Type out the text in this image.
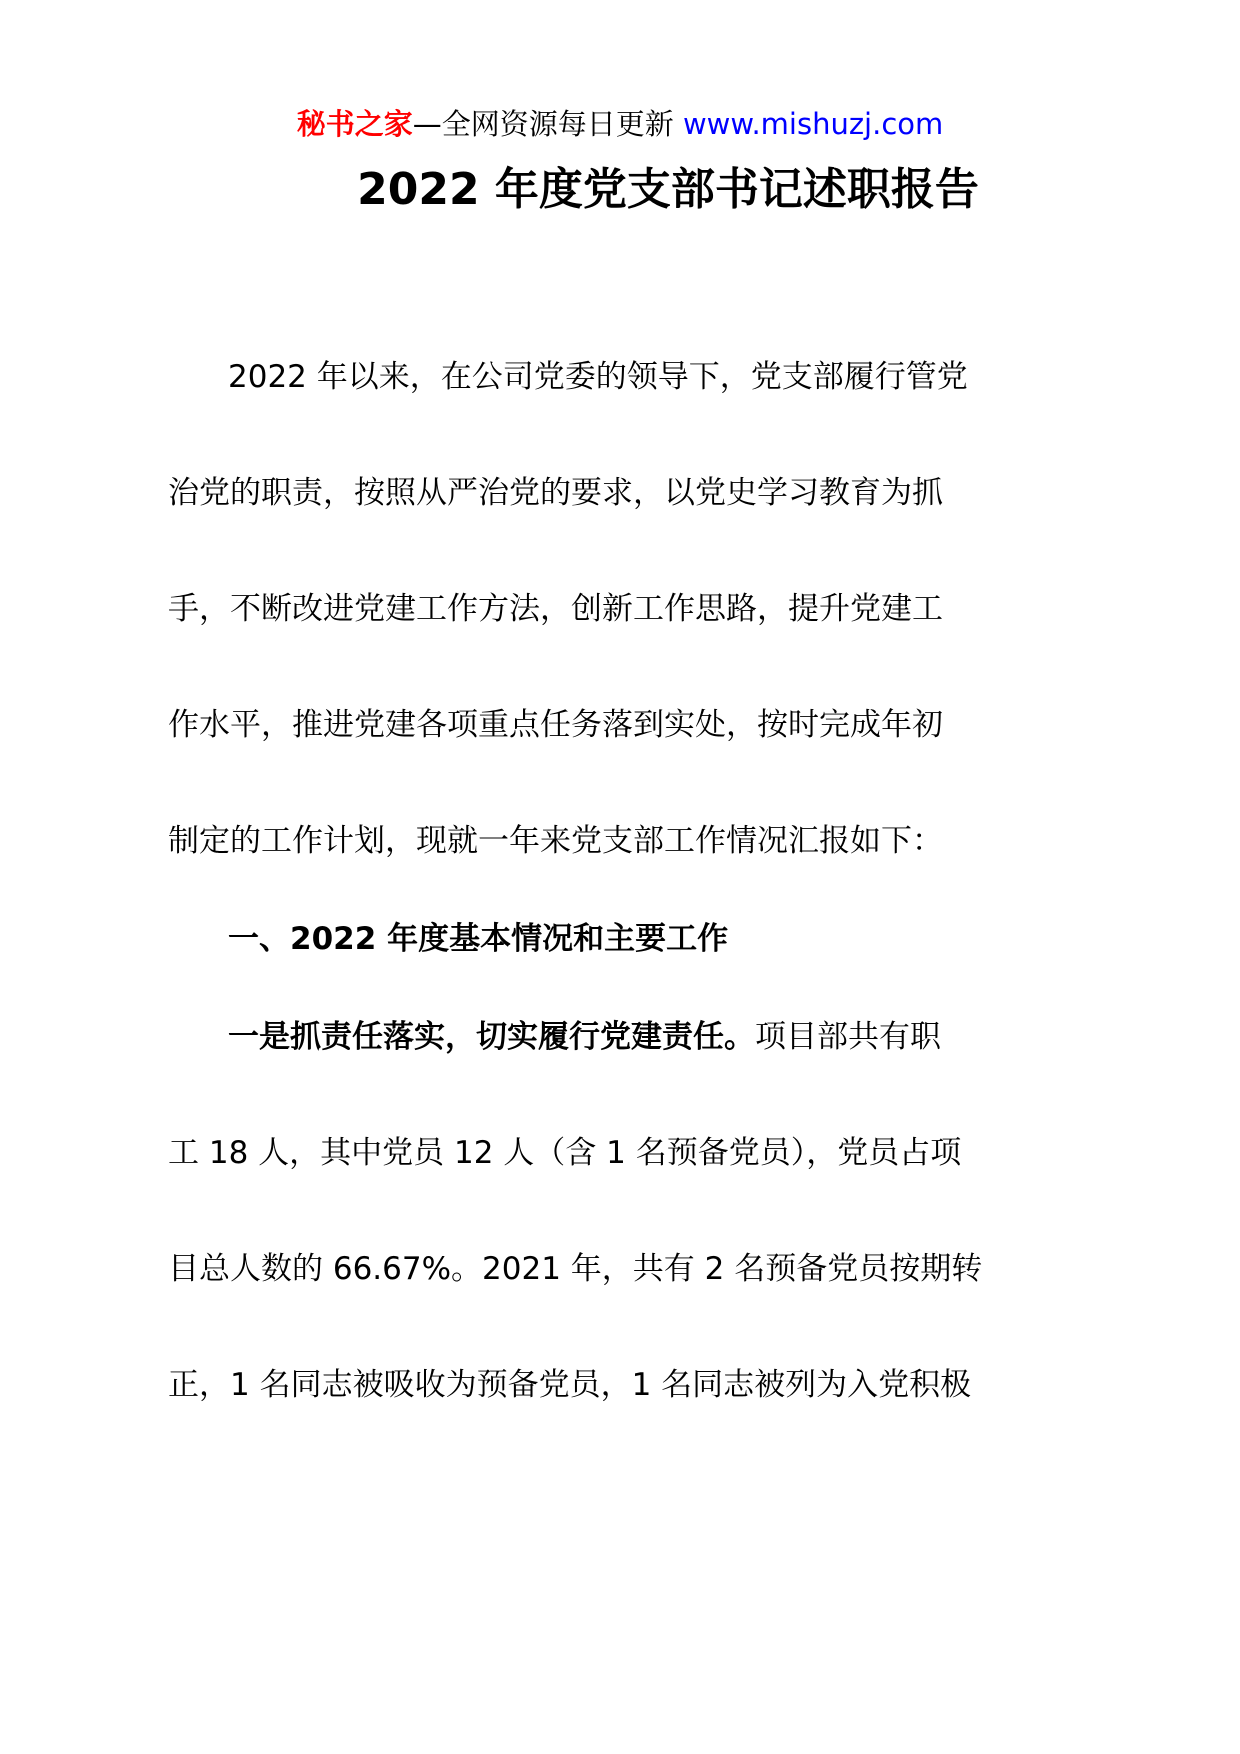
秘书之家—全网资源每日更新 www.mishuzj.com
2022 年度党支部书记述职报告
2022 年以来，在公司党委的领导下，党支部履行管党
治党的职责，按照从严治党的要求，以党史学习教育为抓
手，不断改进党建工作方法，创新工作思路，提升党建工
作水平，推进党建各项重点任务落到实处，按时完成年初
制定的工作计划，现就一年来党支部工作情况汇报如下：
一、2022 年度基本情况和主要工作
一是抓责任落实，切实履行党建责任。项目部共有职
工 18 人，其中党员 12 人（含 1 名预备党员），党员占项
目总人数的 66.67%。2021 年，共有 2 名预备党员按期转
正，1 名同志被吸收为预备党员，1 名同志被列为入党积极
